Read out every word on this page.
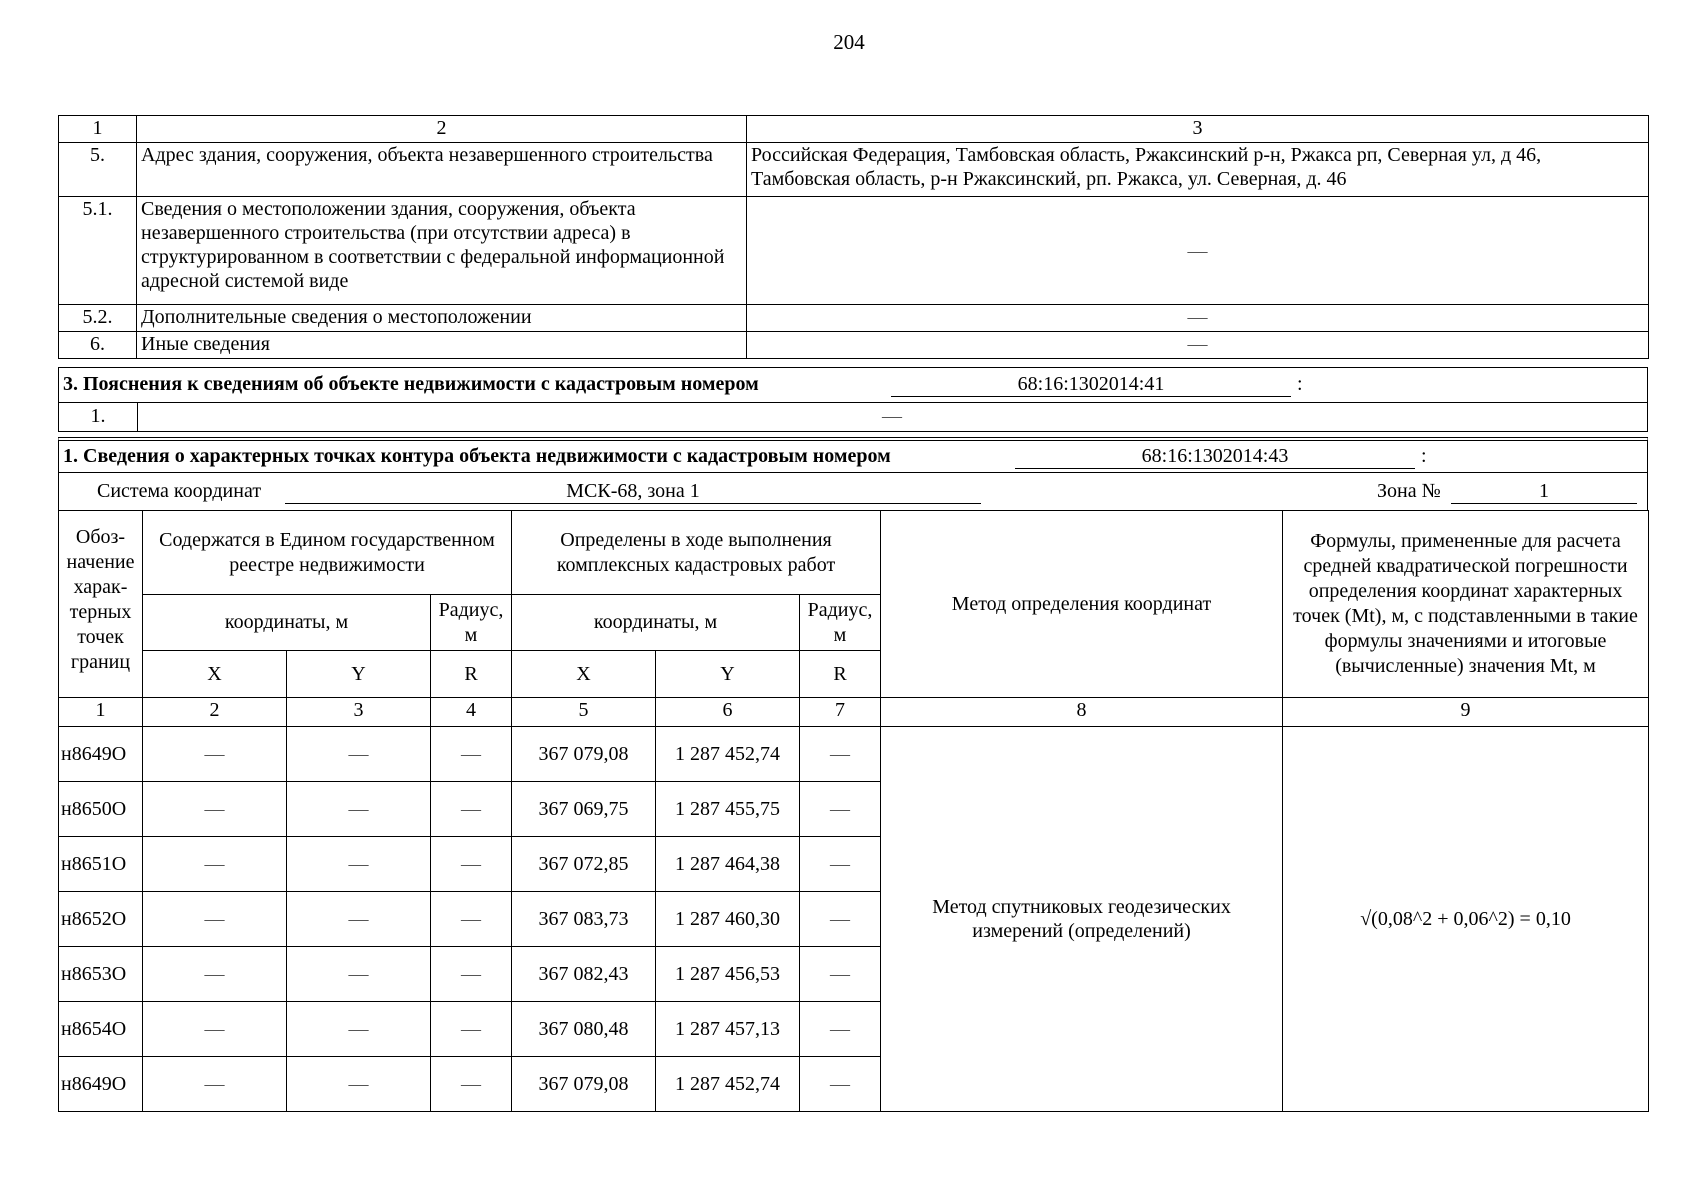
204
1	2	3
5.	Адрес здания, сооружения, объекта незавершенного строительства	Российская Федерация, Тамбовская область, Ржаксинский р-н, Ржакса рп, Северная ул, д 46, Тамбовская область, р-н Ржаксинский, рп. Ржакса, ул. Северная, д. 46
5.1.	Сведения о местоположении здания, сооружения, объекта незавершенного строительства (при отсутствии адреса) в структурированном в соответствии с федеральной информационной адресной системой виде	—
5.2.	Дополнительные сведения о местоположении	—
6.	Иные сведения	—
3. Пояснения к сведениям об объекте недвижимости с кадастровым номером	68:16:1302014:41	:
1.	—
1. Сведения о характерных точках контура объекта недвижимости с кадастровым номером	68:16:1302014:43	:
Система координат	МСК-68, зона 1	Зона №	1
Обоз-начение харак-терных точек границ	Содержатся в Едином государственном реестре недвижимости			Определены в ходе выполнения комплексных кадастровых работ			Метод определения координат	Формулы, примененные для расчета средней квадратической погрешности определения координат характерных точек (Mt), м, с подставленными в такие формулы значениями и итоговые (вычисленные) значения Mt, м
	координаты, м		Радиус, м	координаты, м		Радиус, м		
	X	Y	R	X	Y	R		
1	2	3	4	5	6	7	8	9
н8649О	—	—	—	367 079,08	1 287 452,74	—	Метод спутниковых геодезических измерений (определений)	√(0,08^2 + 0,06^2) = 0,10
н8650О	—	—	—	367 069,75	1 287 455,75	—		
н8651О	—	—	—	367 072,85	1 287 464,38	—		
н8652О	—	—	—	367 083,73	1 287 460,30	—		
н8653О	—	—	—	367 082,43	1 287 456,53	—		
н8654О	—	—	—	367 080,48	1 287 457,13	—		
н8649О	—	—	—	367 079,08	1 287 452,74	—		
